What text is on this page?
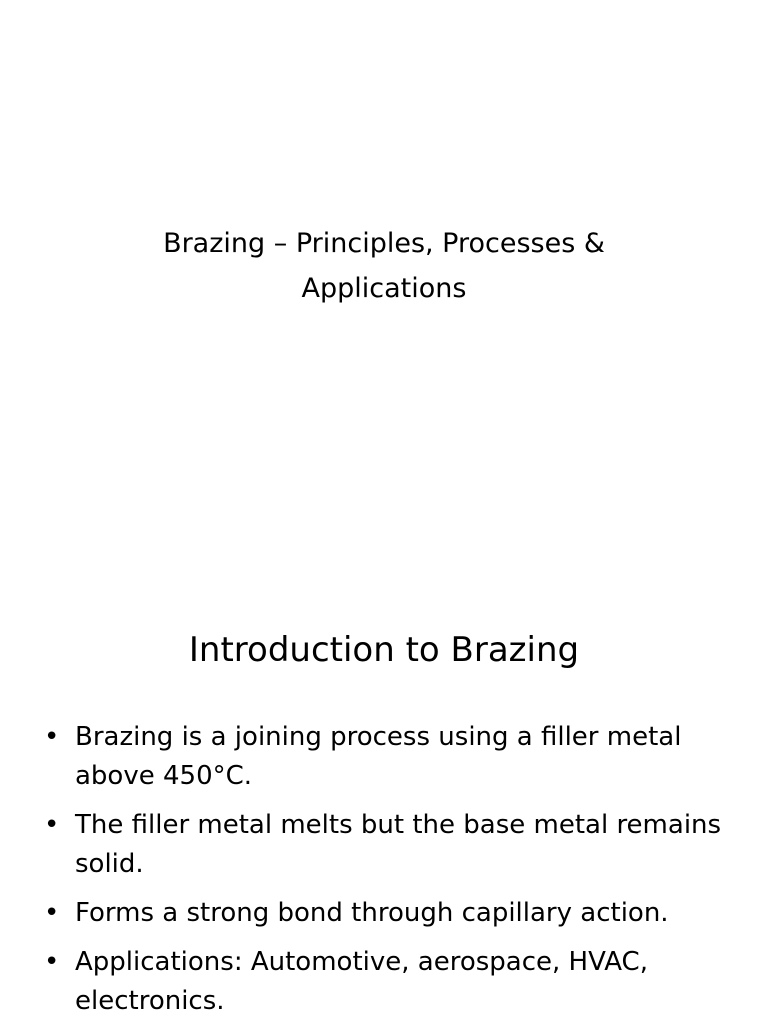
Brazing – Principles, Processes & Applications
Introduction to Brazing
• Brazing is a joining process using a filler metal above 450°C.
• The filler metal melts but the base metal remains solid.
• Forms a strong bond through capillary action.
• Applications: Automotive, aerospace, HVAC, electronics.
